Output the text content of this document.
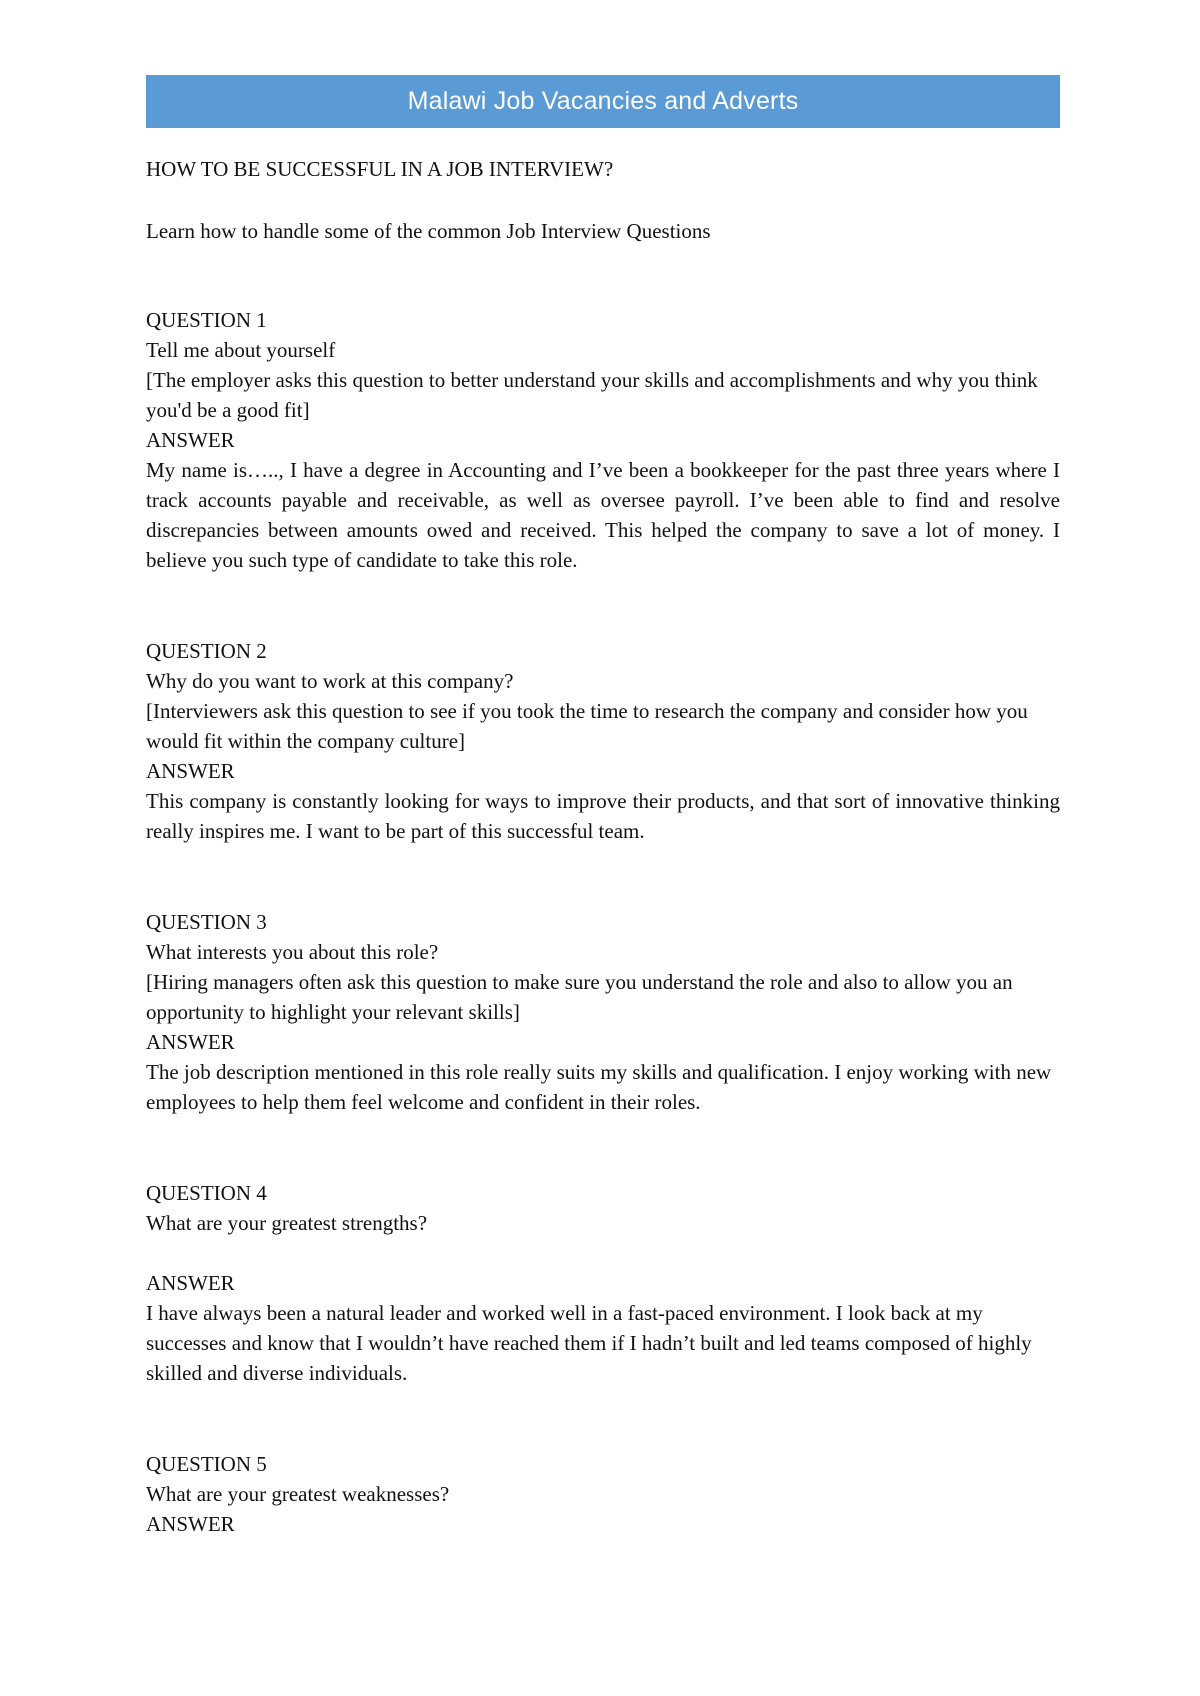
Malawi Job Vacancies and Adverts

HOW TO BE SUCCESSFUL IN A JOB INTERVIEW?

Learn how to handle some of the common Job Interview Questions

QUESTION 1

Tell me about yourself

[The employer asks this question to better understand your skills and accomplishments and why you think you'd be a good fit]

ANSWER

My name is….., I have a degree in Accounting and I’ve been a bookkeeper for the past three years where I track accounts payable and receivable, as well as oversee payroll. I’ve been able to find and resolve discrepancies between amounts owed and received. This helped the company to save a lot of money. I believe you such type of candidate to take this role.

QUESTION 2

Why do you want to work at this company?

[Interviewers ask this question to see if you took the time to research the company and consider how you would fit within the company culture]

ANSWER

This company is constantly looking for ways to improve their products, and that sort of innovative thinking really inspires me. I want to be part of this successful team.

QUESTION 3

What interests you about this role?

[Hiring managers often ask this question to make sure you understand the role and also to allow you an opportunity to highlight your relevant skills]

ANSWER

The job description mentioned in this role really suits my skills and qualification. I enjoy working with new employees to help them feel welcome and confident in their roles.

QUESTION 4

What are your greatest strengths?

ANSWER

I have always been a natural leader and worked well in a fast-paced environment. I look back at my successes and know that I wouldn’t have reached them if I hadn’t built and led teams composed of highly skilled and diverse individuals.

QUESTION 5

What are your greatest weaknesses?

ANSWER
